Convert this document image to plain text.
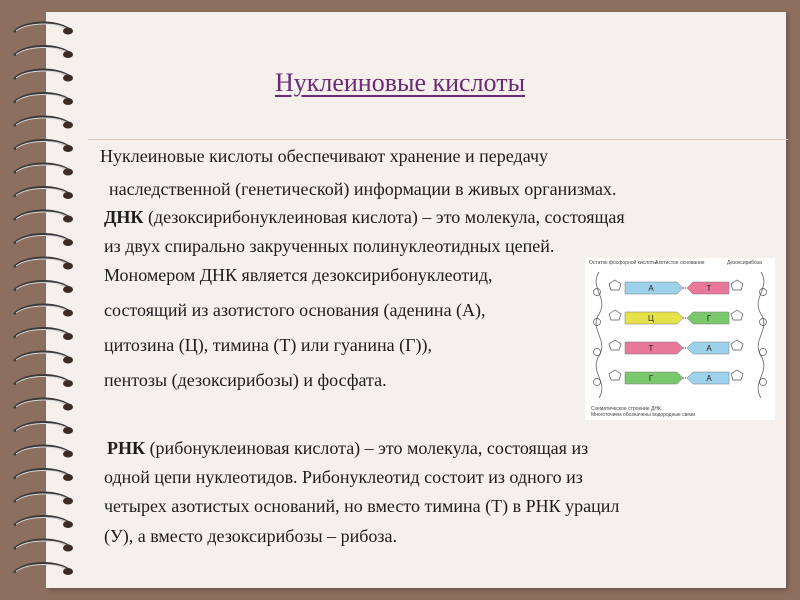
Нуклеиновые кислоты
Нуклеиновые кислоты обеспечивают хранение и передачу
наследственной (генетической) информации в живых организмах.
ДНК (дезоксирибонуклеиновая кислота) – это молекула, состоящая
из двух спирально закрученных полинуклеотидных цепей.
Мономером ДНК является дезоксирибонуклеотид,
состоящий из азотистого основания (аденина (А),
цитозина (Ц), тимина (Т) или гуанина (Г)),
пентозы (дезоксирибозы) и фосфата.
РНК (рибонуклеиновая кислота) – это молекула, состоящая из
одной цепи нуклеотидов. Рибонуклеотид состоит из одного из
четырех азотистых оснований, но вместо тимина (Т) в РНК урацил
(У), а вместо дезоксирибозы – рибоза.
Остаток фосфорной кислоты
Азотистое основание	Дезоксирибоза
А	Т
Ц	Г
Т	А
Г	А
Схематическое строение ДНК.
Многоточием обозначены водородные связи
